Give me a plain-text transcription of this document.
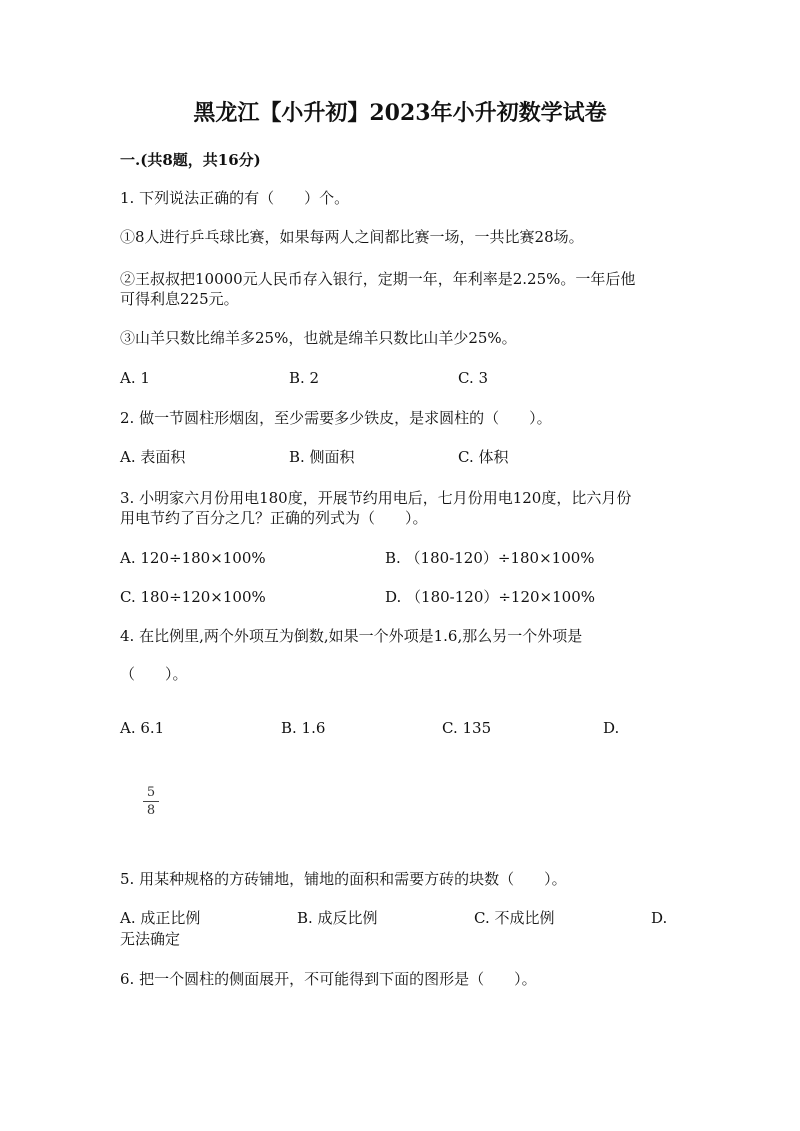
黑龙江【小升初】2023年小升初数学试卷
一.(共8题，共16分)
1. 下列说法正确的有（　　）个。
①8人进行乒乓球比赛，如果每两人之间都比赛一场，一共比赛28场。
②王叔叔把10000元人民币存入银行，定期一年，年利率是2.25%。一年后他
可得利息225元。
③山羊只数比绵羊多25%，也就是绵羊只数比山羊少25%。
A. 1	B. 2	C. 3
2. 做一节圆柱形烟囱，至少需要多少铁皮，是求圆柱的（　　）。
A. 表面积	B. 侧面积	C. 体积
3. 小明家六月份用电180度，开展节约用电后，七月份用电120度，比六月份
用电节约了百分之几？正确的列式为（　　）。
A. 120÷180×100%	B. （180-120）÷180×100%
C. 180÷120×100%	D. （180-120）÷120×100%
4. 在比例里,两个外项互为倒数,如果一个外项是1.6,那么另一个外项是
（　　）。
A. 6.1	B. 1.6	C. 135	D.
5
8
5. 用某种规格的方砖铺地，铺地的面积和需要方砖的块数（　　）。
A. 成正比例	B. 成反比例	C. 不成比例	D.
无法确定
6. 把一个圆柱的侧面展开，不可能得到下面的图形是（　　）。
